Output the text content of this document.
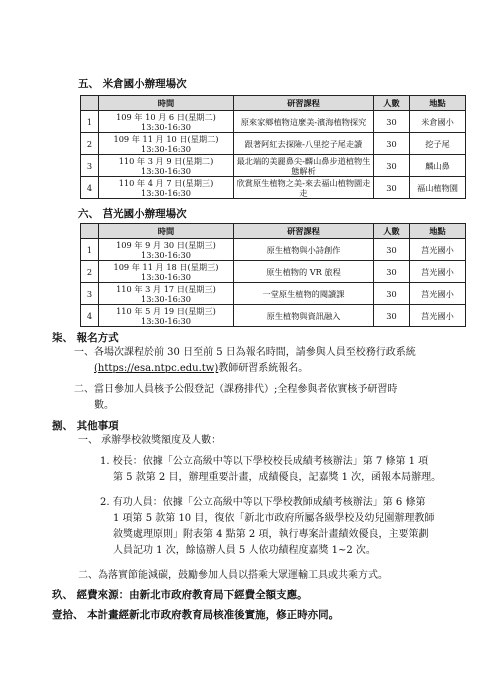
五、 米倉國小辦理場次
	時間	研習課程	人數	地點
1	109 年 10 月 6 日(星期二)
13:30-16:30	原來家鄉植物這麼美-濱海植物探究	30	米倉國小
2	109 年 11 月 10 日(星期二)
13:30-16:30	跟著阿紅去探險-八里挖子尾走讀	30	挖子尾
3	110 年 3 月 9 日(星期二)
13:30-16:30	最北端的美麗鼻尖-麟山鼻步道植物生態解析	30	麟山鼻
4	110 年 4 月 7 日(星期三)
13:30-16:30	欣賞原生植物之美-來去福山植物園走走	30	福山植物園
六、 莒光國小辦理場次
	時間	研習課程	人數	地點
1	109 年 9 月 30 日(星期三)
13:30-16:30	原生植物與小詩創作	30	莒光國小
2	109 年 11 月 18 日(星期三)
13:30-16:30	原生植物的 VR 旅程	30	莒光國小
3	110 年 3 月 17 日(星期三)
13:30-16:30	一堂原生植物的閱讀課	30	莒光國小
4	110 年 5 月 19 日(星期三)
13:30-16:30	原生植物與資訊融入	30	莒光國小
柒、 報名方式
一、各場次課程於前 30 日至前 5 日為報名時間，請參與人員至校務行政系統
(https://esa.ntpc.edu.tw)教師研習系統報名。
二、當日參加人員核予公假登記（課務排代）;全程參與者依實核予研習時
數。
捌、 其他事項
一、 承辦學校敘獎額度及人數：
1. 校長：依據「公立高級中等以下學校校長成績考核辦法」第 7 條第 1 項
第 5 款第 2 目，辦理重要計畫，成績優良，記嘉獎 1 次，函報本局辦理。
2. 有功人員：依據「公立高級中等以下學校教師成績考核辦法」第 6 條第
1 項第 5 款第 10 目，復依「新北市政府所屬各級學校及幼兒園辦理教師
敘獎處理原則」附表第 4 點第 2 項，執行專案計畫績效優良，主要策劃
人員記功 1 次，餘協辦人員 5 人依功績程度嘉獎 1~2 次。
二、為落實節能減碳，鼓勵參加人員以搭乘大眾運輸工具或共乘方式。
玖、 經費來源：由新北市政府教育局下經費全額支應。
壹拾、 本計畫經新北市政府教育局核准後實施，修正時亦同。
